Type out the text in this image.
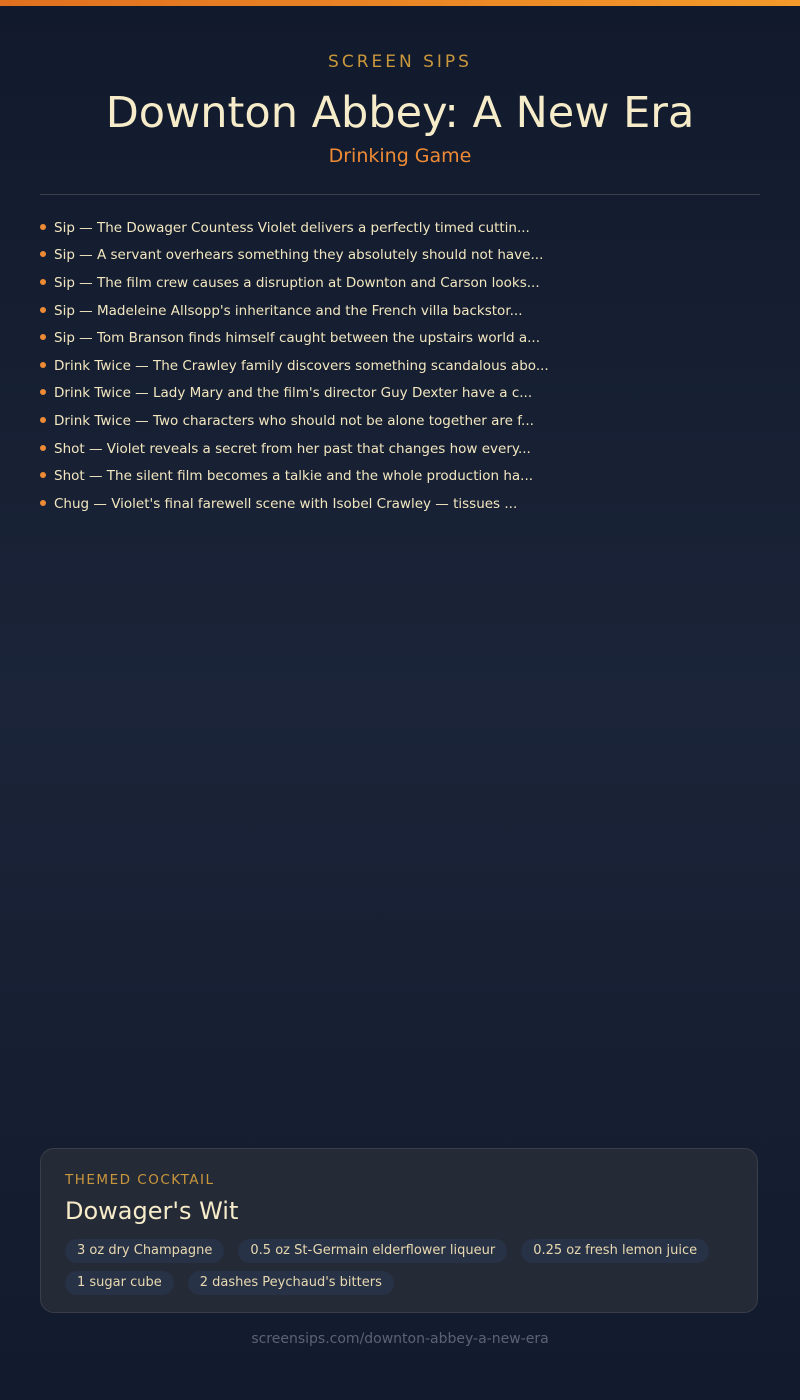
SCREEN SIPS
Downton Abbey: A New Era
Drinking Game
Sip — The Dowager Countess Violet delivers a perfectly timed cuttin...
Sip — A servant overhears something they absolutely should not have...
Sip — The film crew causes a disruption at Downton and Carson looks...
Sip — Madeleine Allsopp's inheritance and the French villa backstor...
Sip — Tom Branson finds himself caught between the upstairs world a...
Drink Twice — The Crawley family discovers something scandalous abo...
Drink Twice — Lady Mary and the film's director Guy Dexter have a c...
Drink Twice — Two characters who should not be alone together are f...
Shot — Violet reveals a secret from her past that changes how every...
Shot — The silent film becomes a talkie and the whole production ha...
Chug — Violet's final farewell scene with Isobel Crawley — tissues ...
THEMED COCKTAIL
Dowager's Wit
3 oz dry Champagne	0.5 oz St-Germain elderflower liqueur	0.25 oz fresh lemon juice
1 sugar cube	2 dashes Peychaud's bitters
screensips.com/downton-abbey-a-new-era
